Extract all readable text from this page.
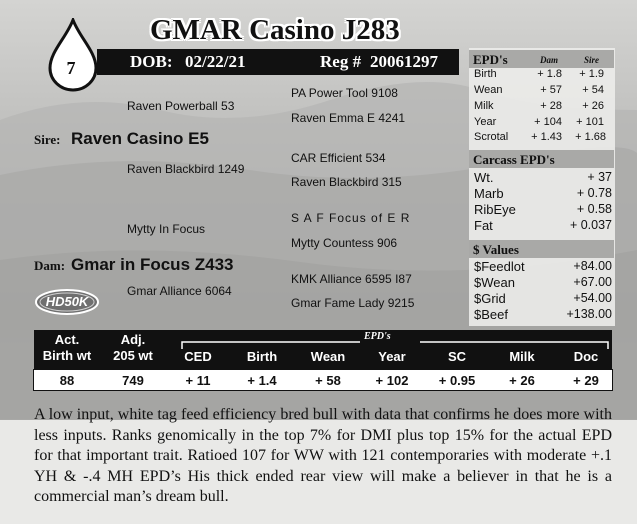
7
GMAR Casino J283
DOB: 02/22/21	Reg # 20061297
Raven Powerball 53
PA Power Tool 9108
Raven Emma E 4241
Sire: Raven Casino E5
Raven Blackbird 1249
CAR Efficient 534
Raven Blackbird 315
Mytty In Focus
S A F Focus of E R
Mytty Countess 906
Dam: Gmar in Focus Z433
Gmar Alliance 6064
KMK Alliance 6595 I87
Gmar Fame Lady 9215
HD50K
EPD's	Dam	Sire
Birth	+ 1.8	+ 1.9
Wean	+ 57	+ 54
Milk	+ 28	+ 26
Year	+ 104	+ 101
Scrotal	+ 1.43	+ 1.68
Carcass EPD's
Wt.	+ 37
Marb	+ 0.78
RibEye	+ 0.58
Fat	+ 0.037
$ Values
$Feedlot	+84.00
$Wean	+67.00
$Grid	+54.00
$Beef	+138.00
EPD's
Act.
Birth wt
Adj.
205 wt	CED	Birth	Wean	Year	SC	Milk	Doc
88	749	+ 11	+ 1.4	+ 58	+ 102	+ 0.95	+ 26	+ 29
A low input, white tag feed efficiency bred bull with data that confirms he does more with less inputs. Ranks genomically in the top 7% for DMI plus top 15% for the actual EPD for that important trait. Ratioed 107 for WW with 121 contemporaries with moderate +.1 YH & -.4 MH EPD’s His thick ended rear view will make a believer in that he is a commercial man’s dream bull.
